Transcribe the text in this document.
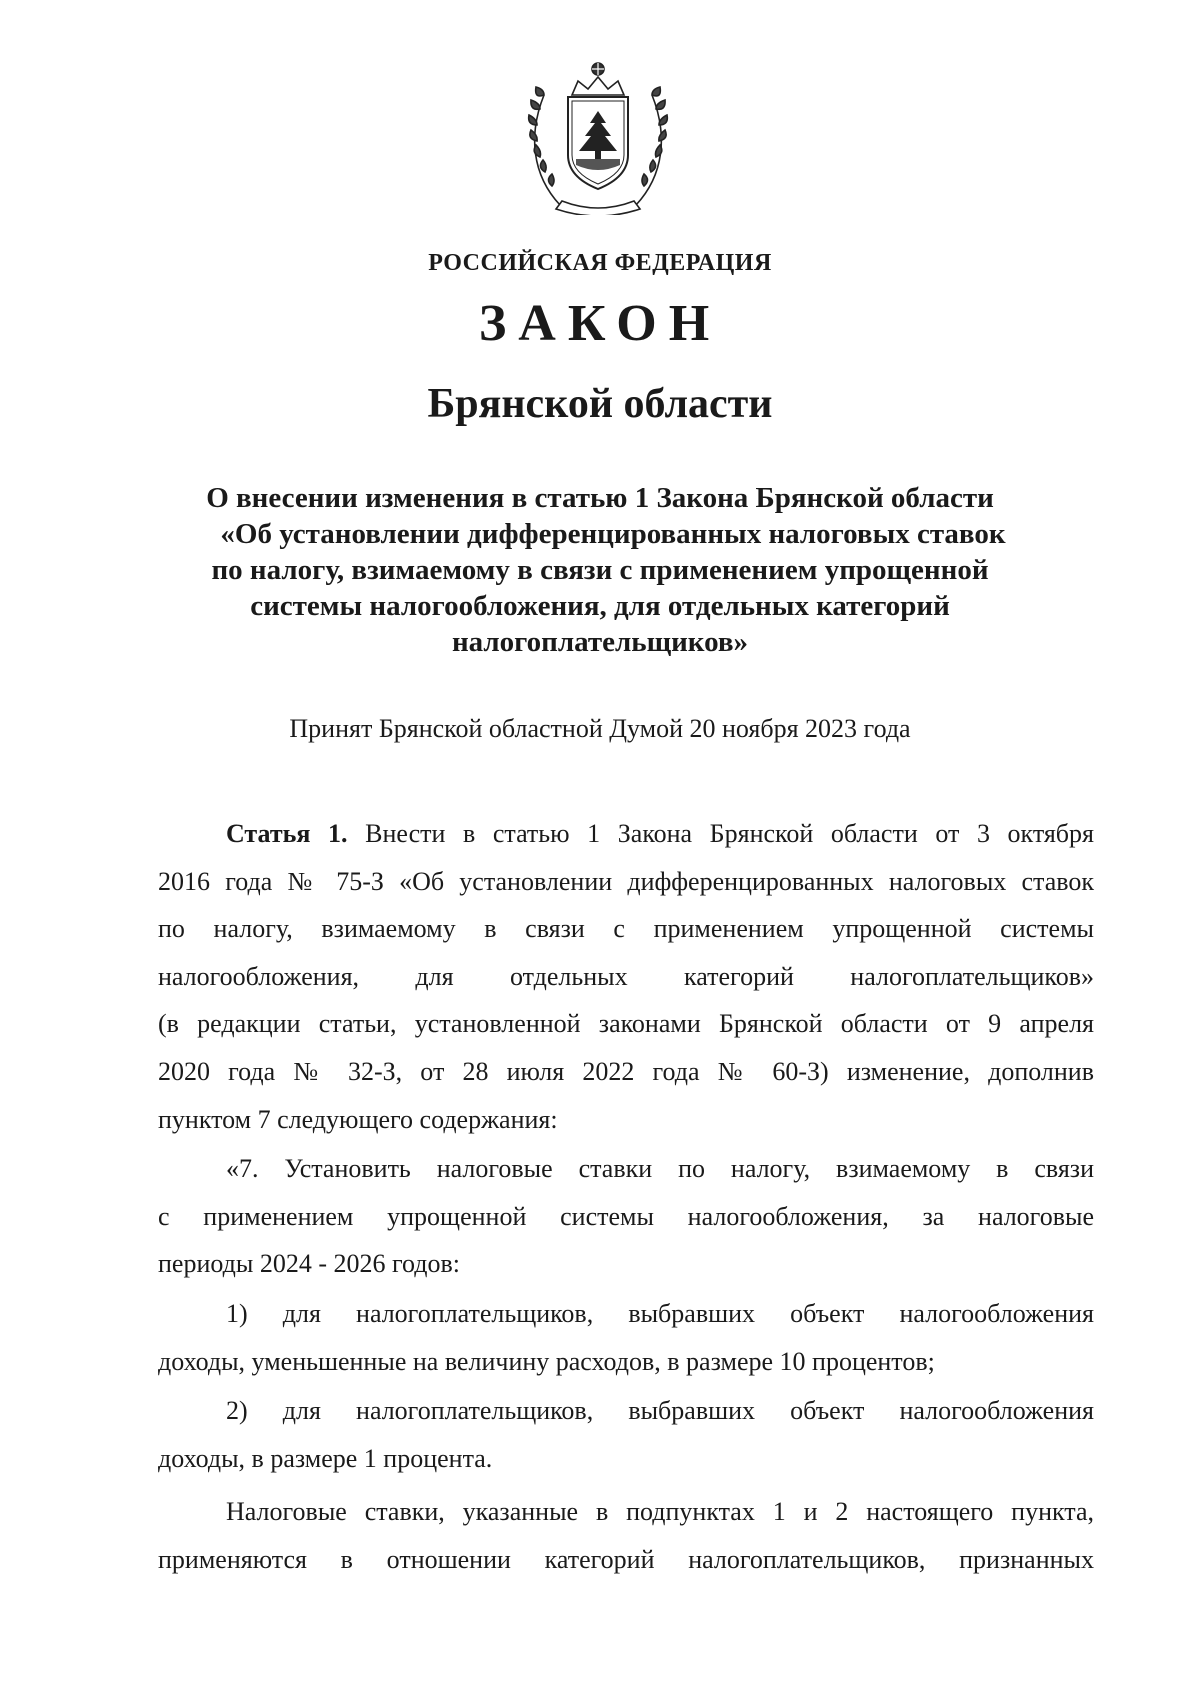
РОССИЙСКАЯ ФЕДЕРАЦИЯ
ЗАКОН
Брянской области
О внесении изменения в статью 1 Закона Брянской области
«Об установлении дифференцированных налоговых ставок
по налогу, взимаемому в связи с применением упрощенной
системы налогообложения, для отдельных категорий
налогоплательщиков»
Принят Брянской областной Думой 20 ноября 2023 года
Статья 1. Внести в статью 1 Закона Брянской области от 3 октября
2016 года № 75-З «Об установлении дифференцированных налоговых ставок
по налогу, взимаемому в связи с применением упрощенной системы
налогообложения, для отдельных категорий налогоплательщиков»
(в редакции статьи, установленной законами Брянской области от 9 апреля
2020 года № 32-З, от 28 июля 2022 года № 60-З) изменение, дополнив
пунктом 7 следующего содержания:
«7. Установить налоговые ставки по налогу, взимаемому в связи
с применением упрощенной системы налогообложения, за налоговые
периоды 2024 - 2026 годов:
1) для налогоплательщиков, выбравших объект налогообложения
доходы, уменьшенные на величину расходов, в размере 10 процентов;
2) для налогоплательщиков, выбравших объект налогообложения
доходы, в размере 1 процента.
Налоговые ставки, указанные в подпунктах 1 и 2 настоящего пункта,
применяются в отношении категорий налогоплательщиков, признанных
